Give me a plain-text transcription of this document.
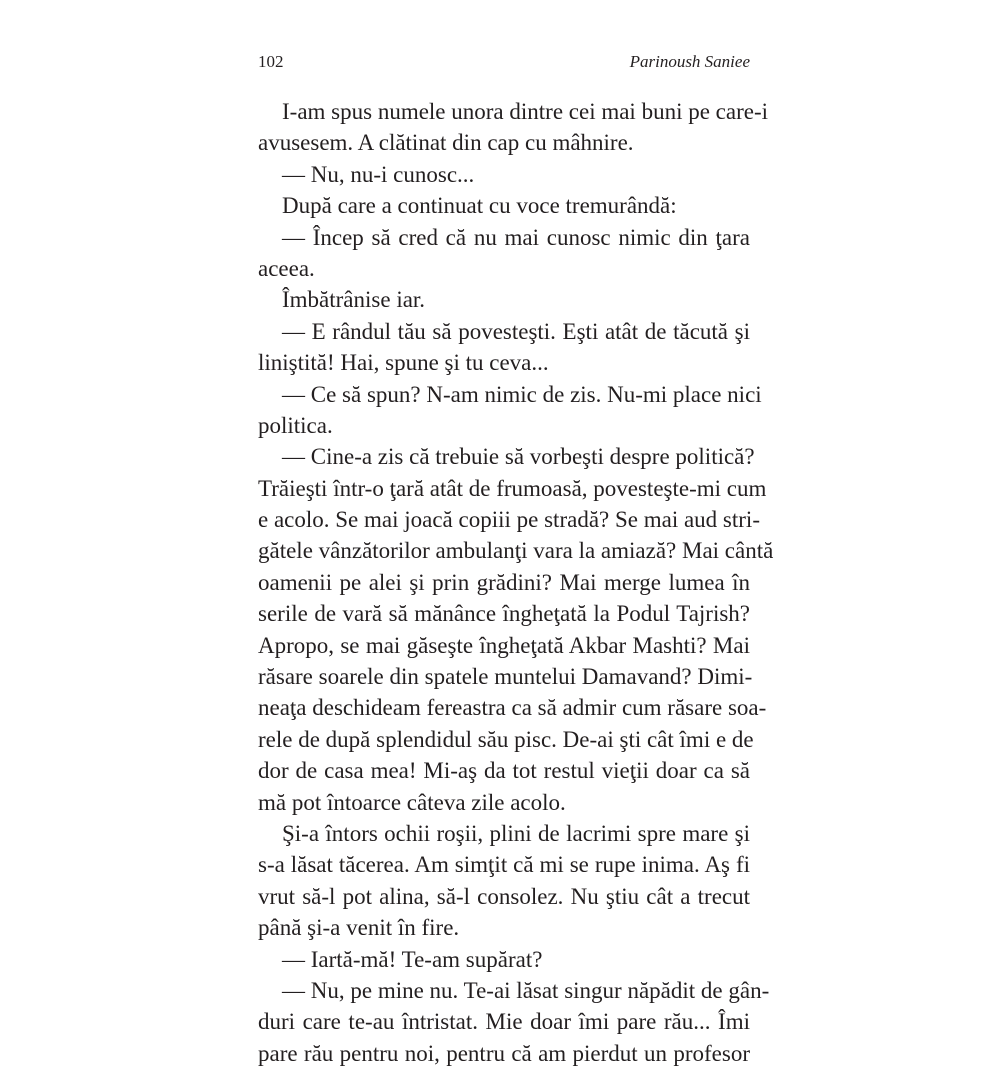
102	Parinoush Saniee
I-am spus numele unora dintre cei mai buni pe care-i
avusesem. A clătinat din cap cu mâhnire.
— Nu, nu-i cunosc...
După care a continuat cu voce tremurândă:
— Încep să cred că nu mai cunosc nimic din ţara
aceea.
Îmbătrânise iar.
— E rândul tău să povesteşti. Eşti atât de tăcută şi
liniştită! Hai, spune şi tu ceva...
— Ce să spun? N-am nimic de zis. Nu-mi place nici
politica.
— Cine-a zis că trebuie să vorbeşti despre politică?
Trăieşti într-o ţară atât de frumoasă, povesteşte-mi cum
e acolo. Se mai joacă copiii pe stradă? Se mai aud stri-
gătele vânzătorilor ambulanţi vara la amiază? Mai cântă
oamenii pe alei şi prin grădini? Mai merge lumea în
serile de vară să mănânce îngheţată la Podul Tajrish?
Apropo, se mai găseşte îngheţată Akbar Mashti? Mai
răsare soarele din spatele muntelui Damavand? Dimi-
neaţa deschideam fereastra ca să admir cum răsare soa-
rele de după splendidul său pisc. De-ai şti cât îmi e de
dor de casa mea! Mi-aş da tot restul vieţii doar ca să
mă pot întoarce câteva zile acolo.
Şi-a întors ochii roşii, plini de lacrimi spre mare şi
s-a lăsat tăcerea. Am simţit că mi se rupe inima. Aş fi
vrut să-l pot alina, să-l consolez. Nu ştiu cât a trecut
până şi-a venit în fire.
— Iartă-mă! Te-am supărat?
— Nu, pe mine nu. Te-ai lăsat singur năpădit de gân-
duri care te-au întristat. Mie doar îmi pare rău... Îmi
pare rău pentru noi, pentru că am pierdut un profesor
